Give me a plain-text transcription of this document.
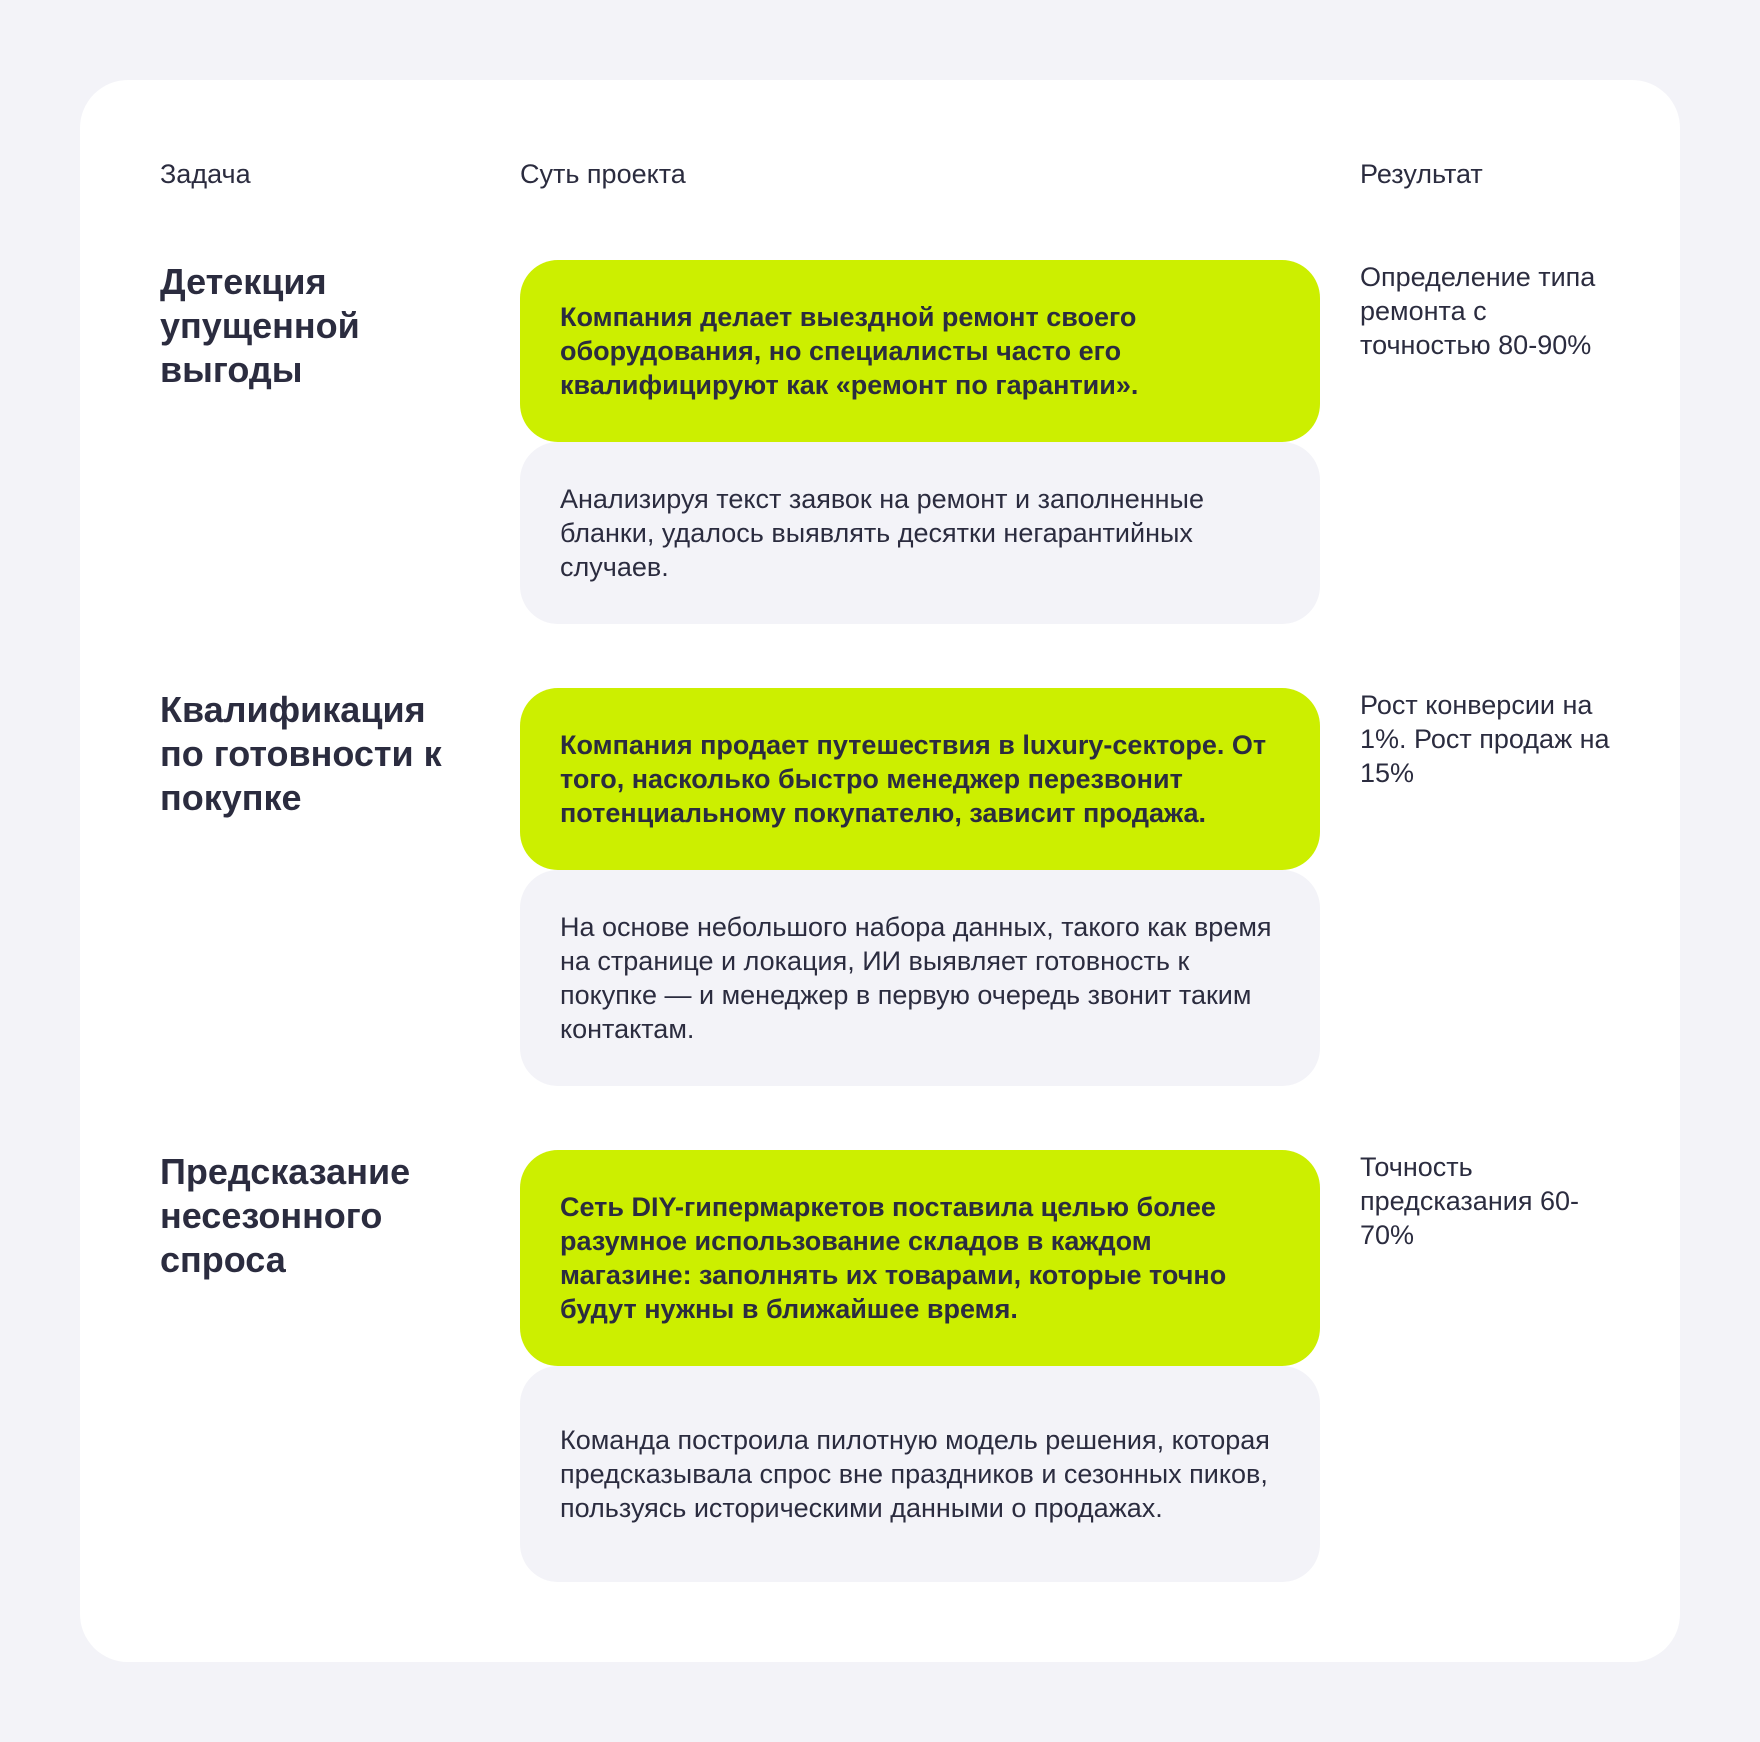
Задача	Суть проекта	Результат
Детекция упущенной выгоды
Компания делает выездной ремонт своего оборудования, но специалисты часто его квалифицируют как «ремонт по гарантии».
Анализируя текст заявок на ремонт и заполненные бланки, удалось выявлять десятки негарантийных случаев.
Определение типа ремонта с точностью 80-90%
Квалификация по готовности к покупке
Компания продает путешествия в luxury-секторе. От того, насколько быстро менеджер перезвонит потенциальному покупателю, зависит продажа.
На основе небольшого набора данных, такого как время на странице и локация, ИИ выявляет готовность к покупке — и менеджер в первую очередь звонит таким контактам.
Рост конверсии на 1%. Рост продаж на 15%
Предсказание несезонного спроса
Сеть DIY-гипермаркетов поставила целью более разумное использование складов в каждом магазине: заполнять их товарами, которые точно будут нужны в ближайшее время.
Команда построила пилотную модель решения, которая предсказывала спрос вне праздников и сезонных пиков, пользуясь историческими данными о продажах.
Точность предсказания 60-70%
